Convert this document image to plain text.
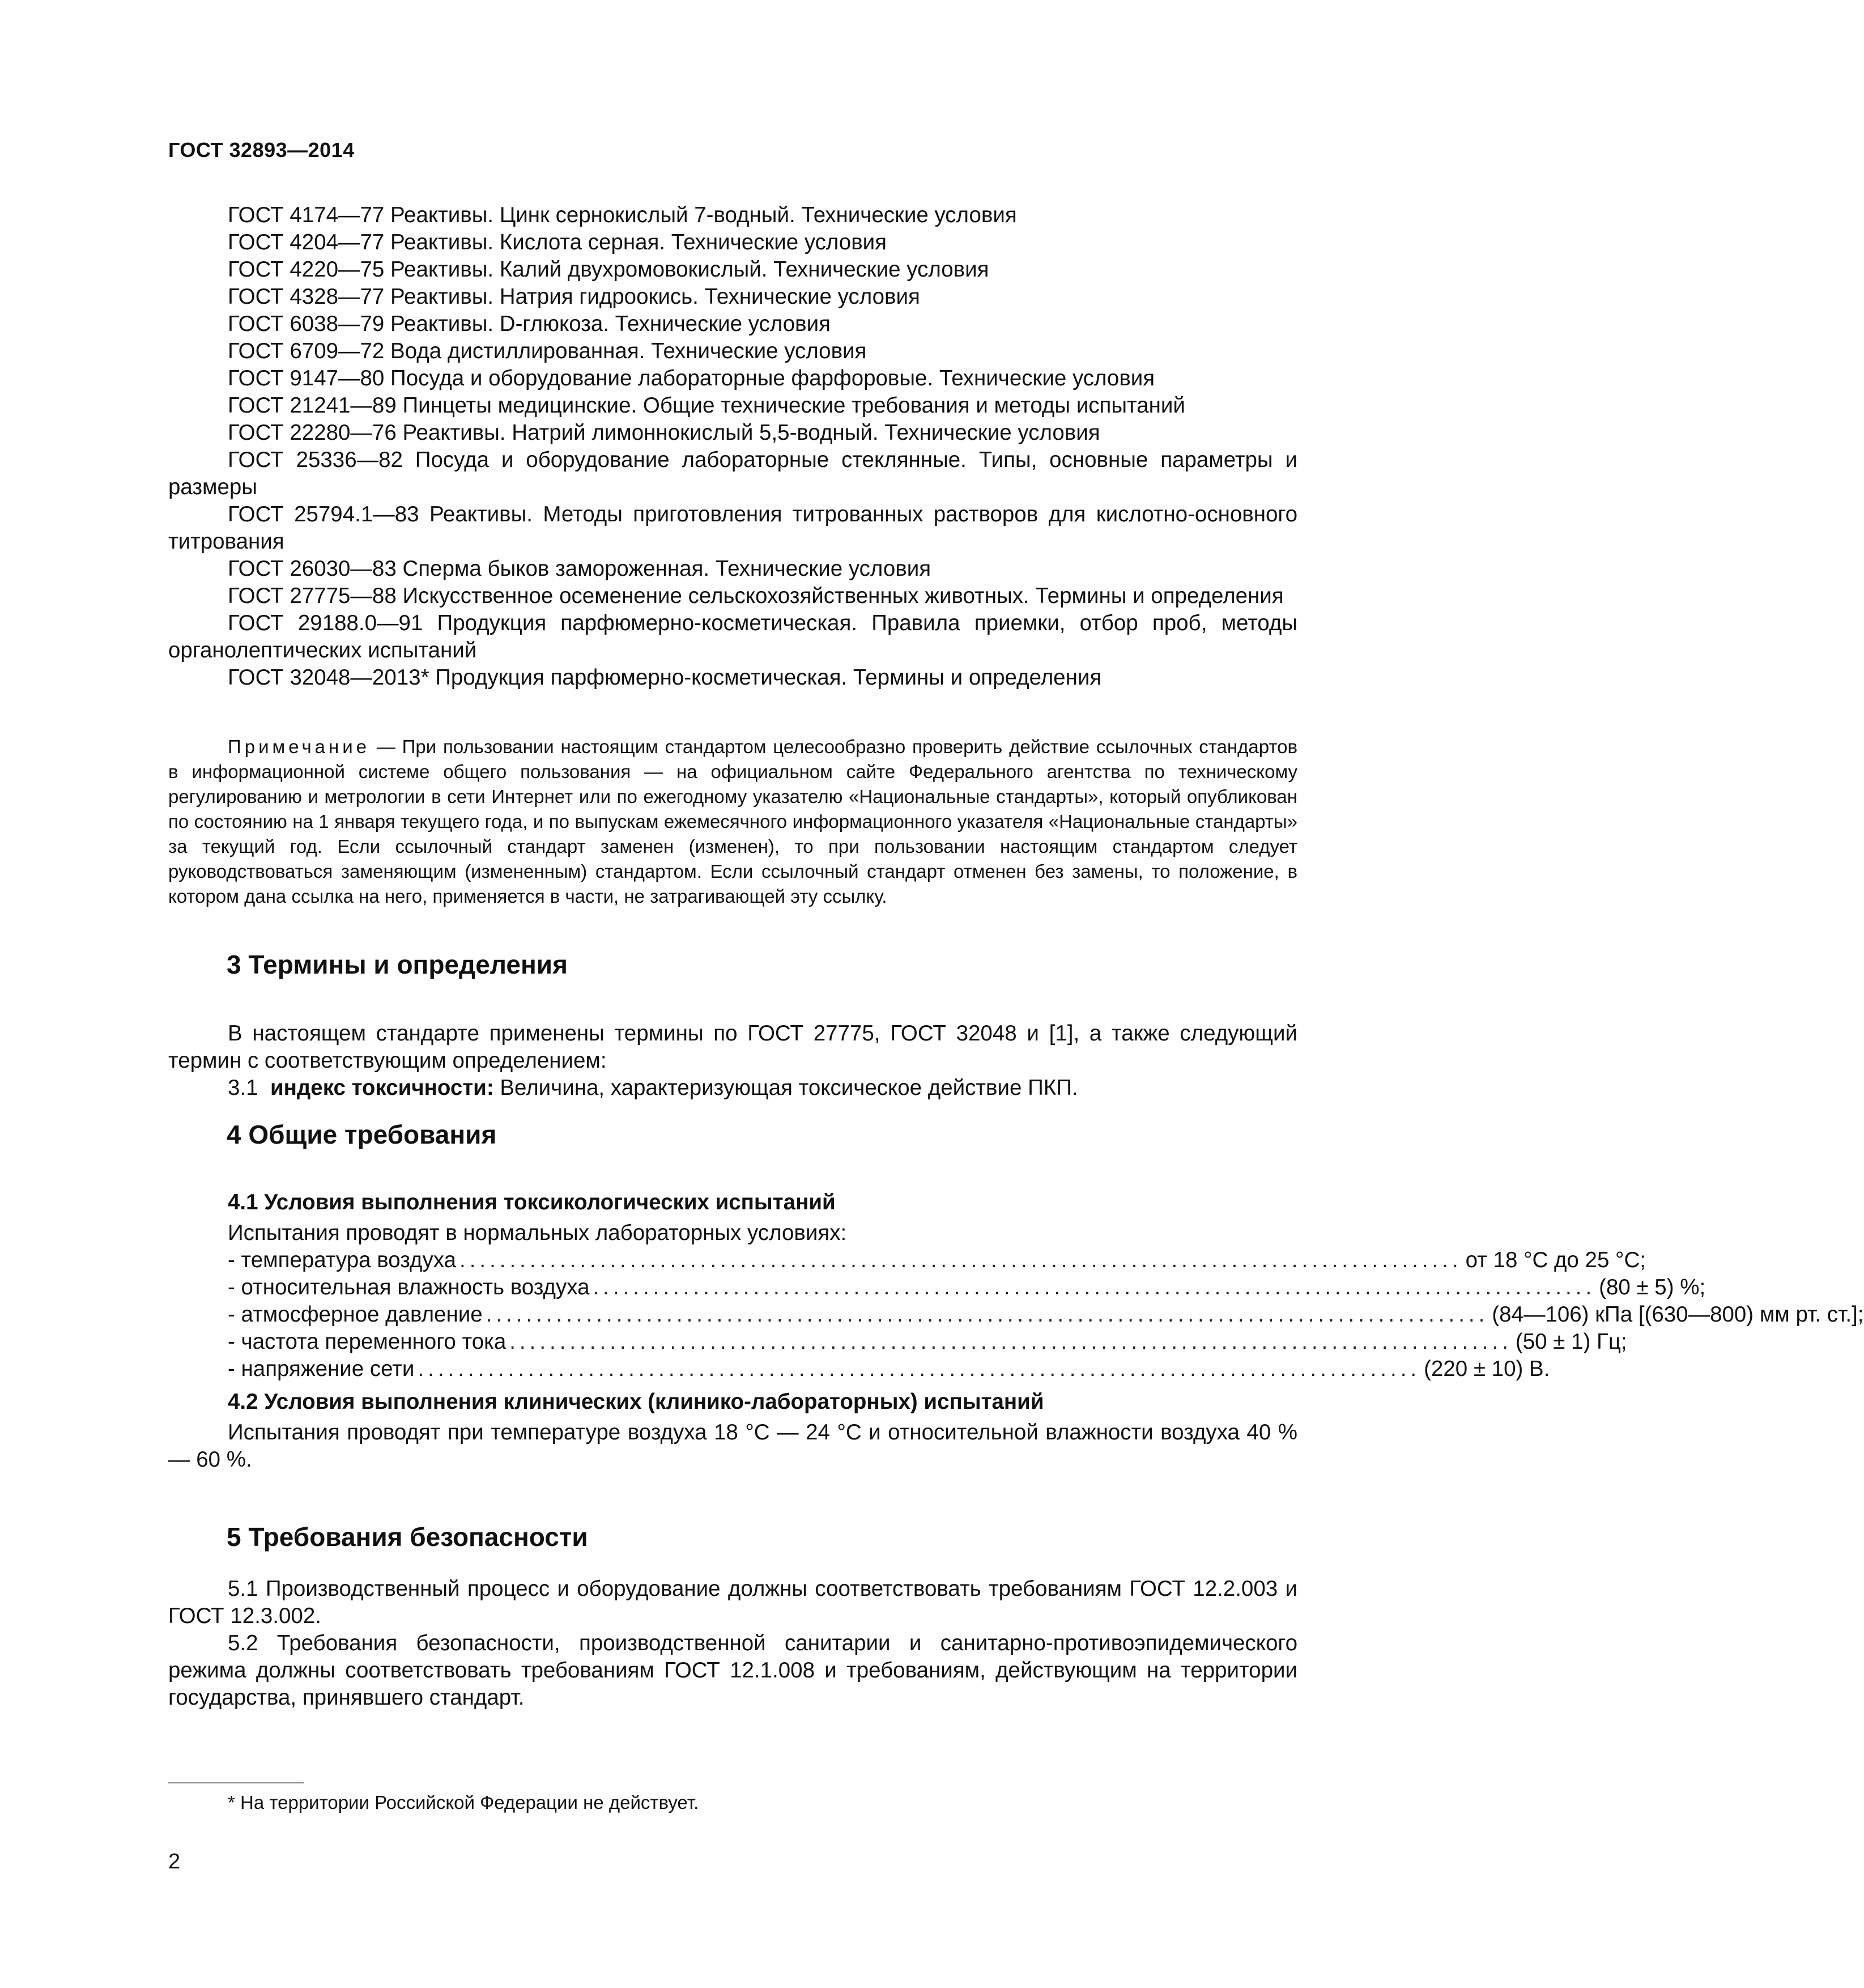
ГОСТ 32893—2014

ГОСТ 4174—77 Реактивы. Цинк сернокислый 7-водный. Технические условия

ГОСТ 4204—77 Реактивы. Кислота серная. Технические условия

ГОСТ 4220—75 Реактивы. Калий двухромовокислый. Технические условия

ГОСТ 4328—77 Реактивы. Натрия гидроокись. Технические условия

ГОСТ 6038—79 Реактивы. D-глюкоза. Технические условия

ГОСТ 6709—72 Вода дистиллированная. Технические условия

ГОСТ 9147—80 Посуда и оборудование лабораторные фарфоровые. Технические условия

ГОСТ 21241—89 Пинцеты медицинские. Общие технические требования и методы испытаний

ГОСТ 22280—76 Реактивы. Натрий лимоннокислый 5,5-водный. Технические условия

ГОСТ 25336—82 Посуда и оборудование лабораторные стеклянные. Типы, основные параметры и размеры

ГОСТ 25794.1—83 Реактивы. Методы приготовления титрованных растворов для кислотно-основного титрования

ГОСТ 26030—83 Сперма быков замороженная. Технические условия

ГОСТ 27775—88 Искусственное осеменение сельскохозяйственных животных. Термины и определения

ГОСТ 29188.0—91 Продукция парфюмерно-косметическая. Правила приемки, отбор проб, методы органолептических испытаний

ГОСТ 32048—2013* Продукция парфюмерно-косметическая. Термины и определения

Примечание — При пользовании настоящим стандартом целесообразно проверить действие ссылочных стандартов в информационной системе общего пользования — на официальном сайте Федерального агентства по техническому регулированию и метрологии в сети Интернет или по ежегодному указателю «Национальные стандарты», который опубликован по состоянию на 1 января текущего года, и по выпускам ежемесячного информационного указателя «Национальные стандарты» за текущий год. Если ссылочный стандарт заменен (изменен), то при пользовании настоящим стандартом следует руководствоваться заменяющим (измененным) стандартом. Если ссылочный стандарт отменен без замены, то положение, в котором дана ссылка на него, применяется в части, не затрагивающей эту ссылку.

3 Термины и определения

В настоящем стандарте применены термины по ГОСТ 27775, ГОСТ 32048 и [1], а также следующий термин с соответствующим определением:

3.1 индекс токсичности: Величина, характеризующая токсическое действие ПКП.

4 Общие требования

4.1 Условия выполнения токсикологических испытаний

Испытания проводят в нормальных лабораторных условиях:

- температура воздуха .................................................................................................... от 18 °С до 25 °С;
- относительная влажность воздуха .................................................................................................... (80 ± 5) %;
- атмосферное давление .................................................................................................... (84—106) кПа [(630—800) мм рт. ст.];
- частота переменного тока .................................................................................................... (50 ± 1) Гц;
- напряжение сети .................................................................................................... (220 ± 10) В.

4.2 Условия выполнения клинических (клинико-лабораторных) испытаний

Испытания проводят при температуре воздуха 18 °С — 24 °С и относительной влажности воздуха 40 % — 60 %.

5 Требования безопасности

5.1 Производственный процесс и оборудование должны соответствовать требованиям ГОСТ 12.2.003 и ГОСТ 12.3.002.

5.2 Требования безопасности, производственной санитарии и санитарно-противоэпидемического режима должны соответствовать требованиям ГОСТ 12.1.008 и требованиям, действующим на территории государства, принявшего стандарт.

* На территории Российской Федерации не действует.
2
